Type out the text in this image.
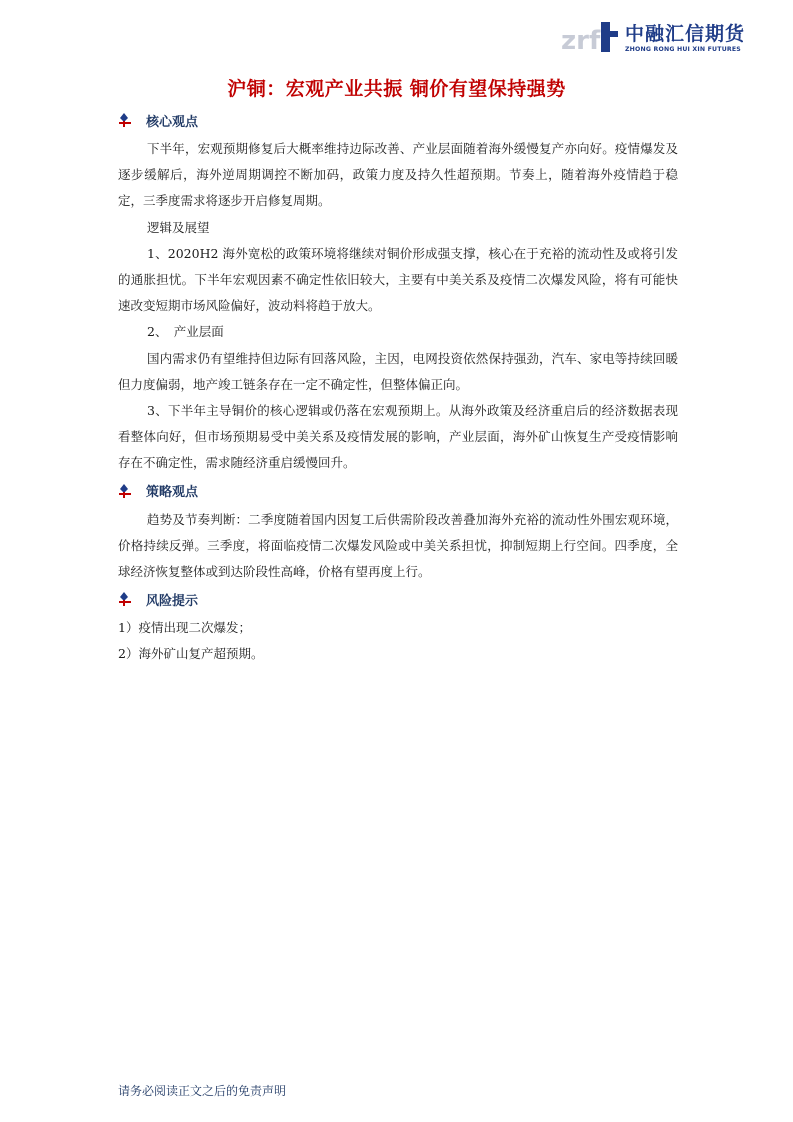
zrf 中融汇信期货
ZHONG RONG HUI XIN FUTURES
沪铜：宏观产业共振 铜价有望保持强势
核心观点

下半年，宏观预期修复后大概率维持边际改善、产业层面随着海外缓慢复产亦向好。疫情爆发及逐步缓解后，海外逆周期调控不断加码，政策力度及持久性超预期。节奏上，随着海外疫情趋于稳定，三季度需求将逐步开启修复周期。

逻辑及展望

1、2020H2 海外宽松的政策环境将继续对铜价形成强支撑，核心在于充裕的流动性及或将引发的通胀担忧。下半年宏观因素不确定性依旧较大，主要有中美关系及疫情二次爆发风险，将有可能快速改变短期市场风险偏好，波动料将趋于放大。

2、　产业层面

国内需求仍有望维持但边际有回落风险，主因，电网投资依然保持强劲，汽车、家电等持续回暖但力度偏弱，地产竣工链条存在一定不确定性，但整体偏正向。

3、下半年主导铜价的核心逻辑或仍落在宏观预期上。从海外政策及经济重启后的经济数据表现看整体向好，但市场预期易受中美关系及疫情发展的影响，产业层面，海外矿山恢复生产受疫情影响存在不确定性，需求随经济重启缓慢回升。

策略观点

趋势及节奏判断：二季度随着国内因复工后供需阶段改善叠加海外充裕的流动性外围宏观环境，价格持续反弹。三季度，将面临疫情二次爆发风险或中美关系担忧，抑制短期上行空间。四季度，全球经济恢复整体或到达阶段性高峰，价格有望再度上行。

风险提示

1）疫情出现二次爆发；

2）海外矿山复产超预期。

请务必阅读正文之后的免责声明
